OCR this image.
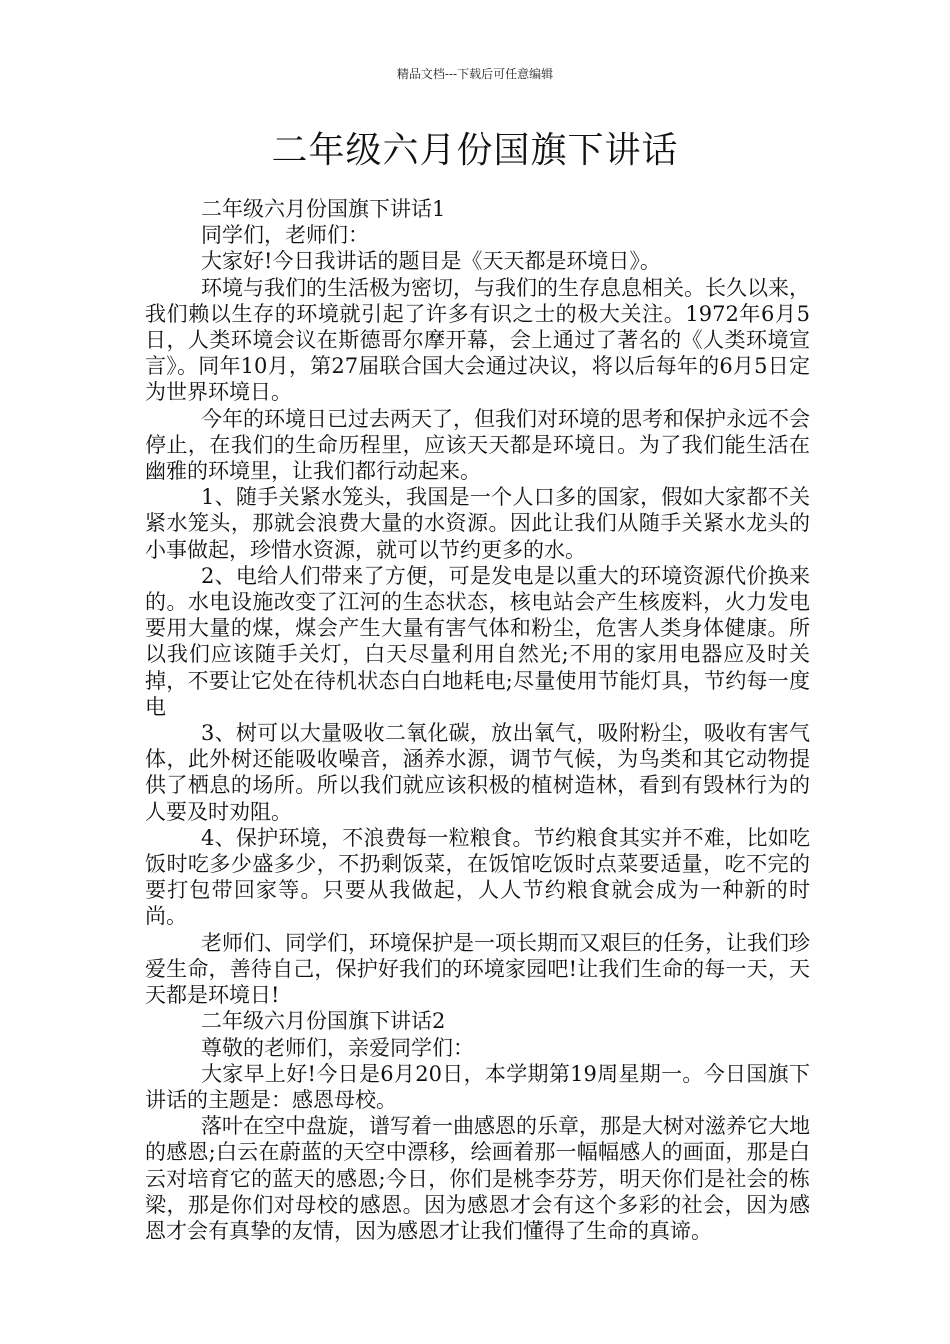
精品文档---下载后可任意编辑
二年级六月份国旗下讲话

二年级六月份国旗下讲话1

同学们，老师们：

大家好!今日我讲话的题目是《天天都是环境日》。

环境与我们的生活极为密切，与我们的生存息息相关。长久以来，我们赖以生存的环境就引起了许多有识之士的极大关注。1972年6月5日，人类环境会议在斯德哥尔摩开幕，会上通过了著名的《人类环境宣言》。同年10月，第27届联合国大会通过决议，将以后每年的6月5日定为世界环境日。

今年的环境日已过去两天了，但我们对环境的思考和保护永远不会停止，在我们的生命历程里，应该天天都是环境日。为了我们能生活在幽雅的环境里，让我们都行动起来。

1、随手关紧水笼头，我国是一个人口多的国家，假如大家都不关紧水笼头，那就会浪费大量的水资源。因此让我们从随手关紧水龙头的小事做起，珍惜水资源，就可以节约更多的水。

2、电给人们带来了方便，可是发电是以重大的环境资源代价换来的。水电设施改变了江河的生态状态，核电站会产生核废料，火力发电要用大量的煤，煤会产生大量有害气体和粉尘，危害人类身体健康。所以我们应该随手关灯，白天尽量利用自然光;不用的家用电器应及时关掉，不要让它处在待机状态白白地耗电;尽量使用节能灯具，节约每一度电

3、树可以大量吸收二氧化碳，放出氧气，吸附粉尘，吸收有害气体，此外树还能吸收噪音，涵养水源，调节气候，为鸟类和其它动物提供了栖息的场所。所以我们就应该积极的植树造林，看到有毁林行为的人要及时劝阻。

4、保护环境，不浪费每一粒粮食。节约粮食其实并不难，比如吃饭时吃多少盛多少，不扔剩饭菜，在饭馆吃饭时点菜要适量，吃不完的要打包带回家等。只要从我做起，人人节约粮食就会成为一种新的时尚。

老师们、同学们，环境保护是一项长期而又艰巨的任务，让我们珍爱生命，善待自己，保护好我们的环境家园吧!让我们生命的每一天，天天都是环境日!

二年级六月份国旗下讲话2

尊敬的老师们，亲爱同学们：

大家早上好!今日是6月20日，本学期第19周星期一。今日国旗下讲话的主题是：感恩母校。

落叶在空中盘旋，谱写着一曲感恩的乐章，那是大树对滋养它大地的感恩;白云在蔚蓝的天空中漂移，绘画着那一幅幅感人的画面，那是白云对培育它的蓝天的感恩;今日，你们是桃李芬芳，明天你们是社会的栋梁，那是你们对母校的感恩。因为感恩才会有这个多彩的社会，因为感恩才会有真挚的友情，因为感恩才让我们懂得了生命的真谛。
